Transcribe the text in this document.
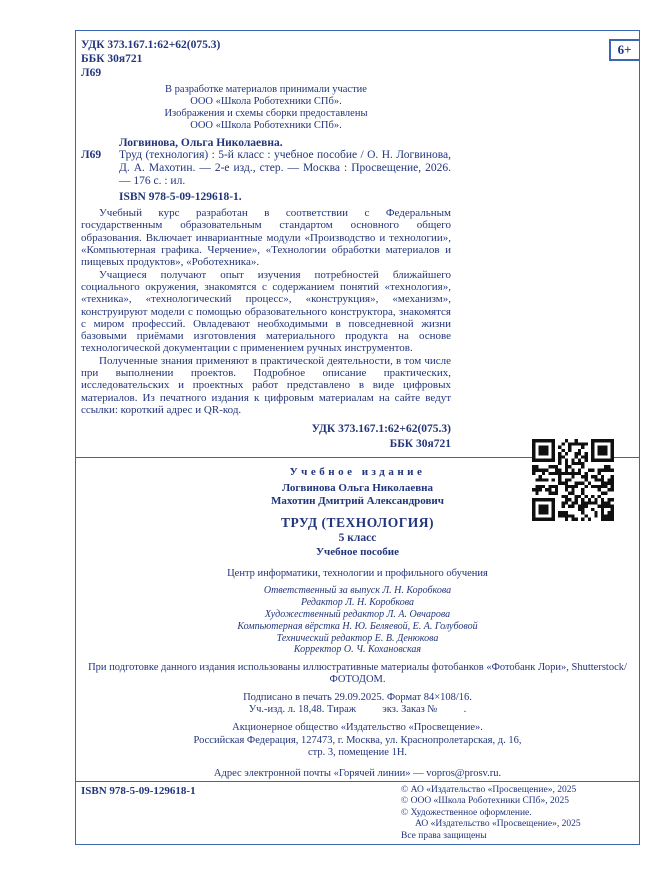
6+
УДК 373.167.1:62+62(075.3)
ББК 30я721
Л69
В разработке материалов принимали участие
ООО «Школа Роботехники СПб».
Изображения и схемы сборки предоставлены
ООО «Школа Роботехники СПб».
Логвинова, Ольга Николаевна.
Л69 Труд (технология) : 5-й класс : учебное пособие / О. Н. Логвинова, Д. А. Махотин. — 2-е изд., стер. — Москва : Просвещение, 2026. — 176 с. : ил.

ISBN 978-5-09-129618-1.

Учебный курс разработан в соответствии с Федеральным государственным образовательным стандартом основного общего образования. Включает инвариантные модули «Производство и технологии», «Компьютерная графика. Черчение», «Технологии обработки материалов и пищевых продуктов», «Роботехника».

Учащиеся получают опыт изучения потребностей ближайшего социального окружения, знакомятся с содержанием понятий «технология», «техника», «технологический процесс», «конструкция», «механизм», конструируют модели с помощью образовательного конструктора, знакомятся с миром профессий. Овладевают необходимыми в повседневной жизни базовыми приёмами изготовления материального продукта на основе технологической документации с применением ручных инструментов.

Полученные знания применяют в практической деятельности, в том числе при выполнении проектов. Подробное описание практических, исследовательских и проектных работ представлено в виде цифровых материалов. Из печатного издания к цифровым материалам на сайте ведут ссылки: короткий адрес и QR-код.

УДК 373.167.1:62+62(075.3)
ББК 30я721
Учебное издание
Логвинова Ольга Николаевна
Махотин Дмитрий Александрович
ТРУД (ТЕХНОЛОГИЯ)
5 класс
Учебное пособие
Центр информатики, технологии и профильного обучения
Ответственный за выпуск Л. Н. Коробкова
Редактор Л. Н. Коробкова
Художественный редактор Л. А. Овчарова
Компьютерная вёрстка Н. Ю. Беляевой, Е. А. Голубовой
Технический редактор Е. В. Денюкова
Корректор О. Ч. Кохановская

При подготовке данного издания использованы иллюстративные материалы фотобанков «Фотобанк Лори», Shutterstock/ФОТОДОМ.

Подписано в печать 29.09.2025. Формат 84×108/16.
Уч.-изд. л. 18,48. Тираж          экз. Заказ №          .
Акционерное общество «Издательство «Просвещение».
Российская Федерация, 127473, г. Москва, ул. Краснопролетарская, д. 16,
стр. 3, помещение 1Н.
Адрес электронной почты «Горячей линии» — vopros@prosv.ru.
ISBN 978-5-09-129618-1	© АО «Издательство «Просвещение», 2025
© ООО «Школа Роботехники СПб», 2025
© Художественное оформление.
АО «Издательство «Просвещение», 2025
Все права защищены
